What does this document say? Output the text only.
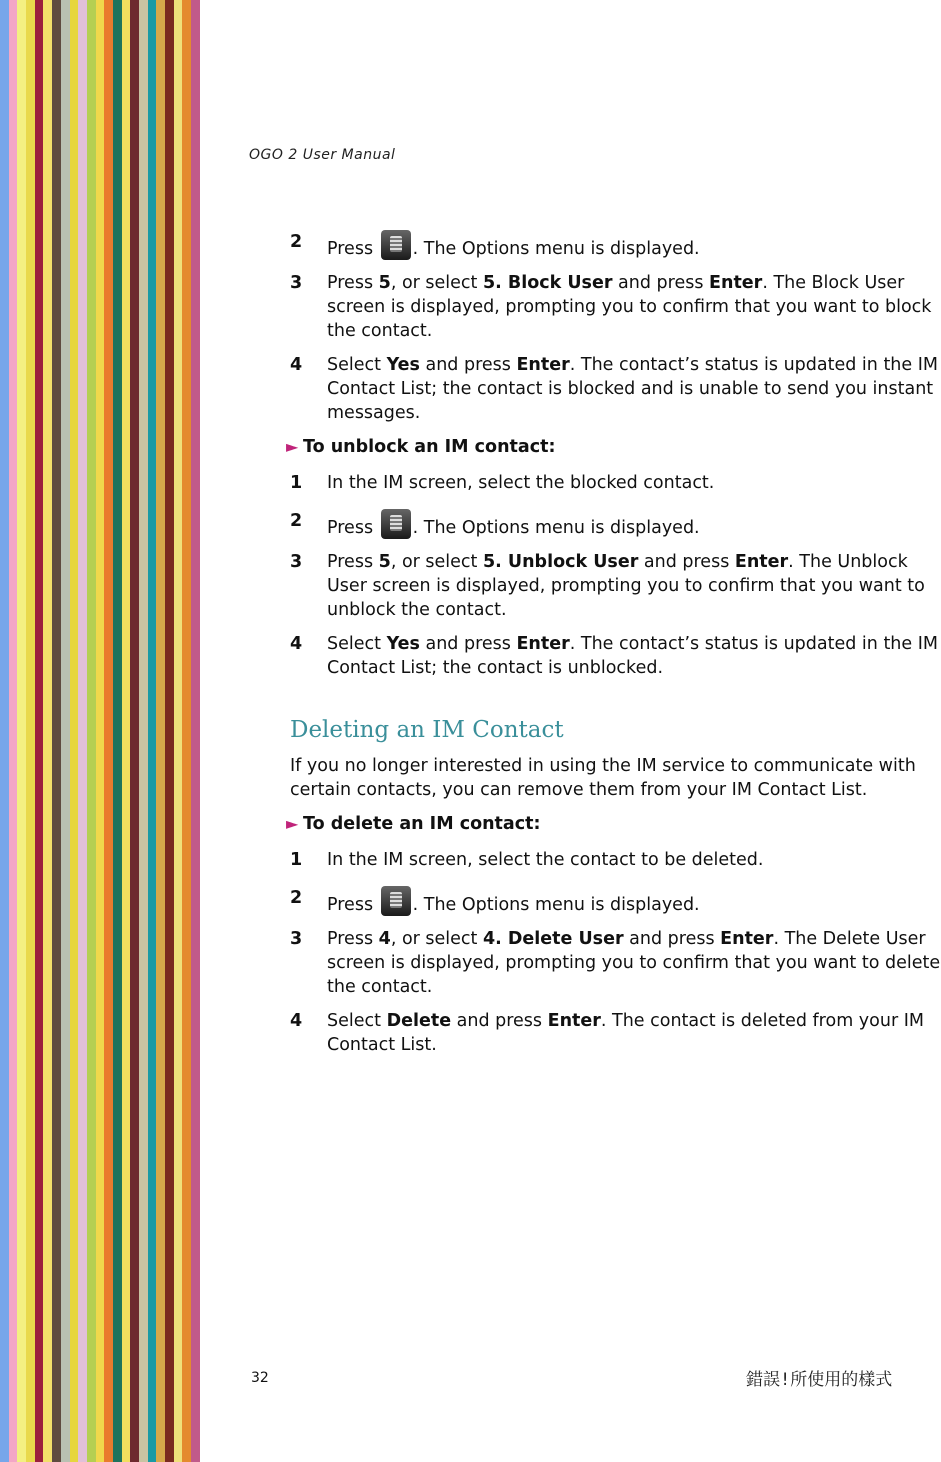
OGO 2 User Manual
2	Press . The Options menu is displayed.
3	Press 5, or select 5. Block User and press Enter. The Block User screen is displayed, prompting you to confirm that you want to block the contact.
4	Select Yes and press Enter. The contact’s status is updated in the IM Contact List; the contact is blocked and is unable to send you instant messages.
► To unblock an IM contact:
1	In the IM screen, select the blocked contact.
2	Press . The Options menu is displayed.
3	Press 5, or select 5. Unblock User and press Enter. The Unblock User screen is displayed, prompting you to confirm that you want to unblock the contact.
4	Select Yes and press Enter. The contact’s status is updated in the IM Contact List; the contact is unblocked.
Deleting an IM Contact

If you no longer interested in using the IM service to communicate with certain contacts, you can remove them from your IM Contact List.

► To delete an IM contact:
1	In the IM screen, select the contact to be deleted.
2	Press . The Options menu is displayed.
3	Press 4, or select 4. Delete User and press Enter. The Delete User screen is displayed, prompting you to confirm that you want to delete the contact.
4	Select Delete and press Enter. The contact is deleted from your IM Contact List.
32	錯誤!所使用的樣式
